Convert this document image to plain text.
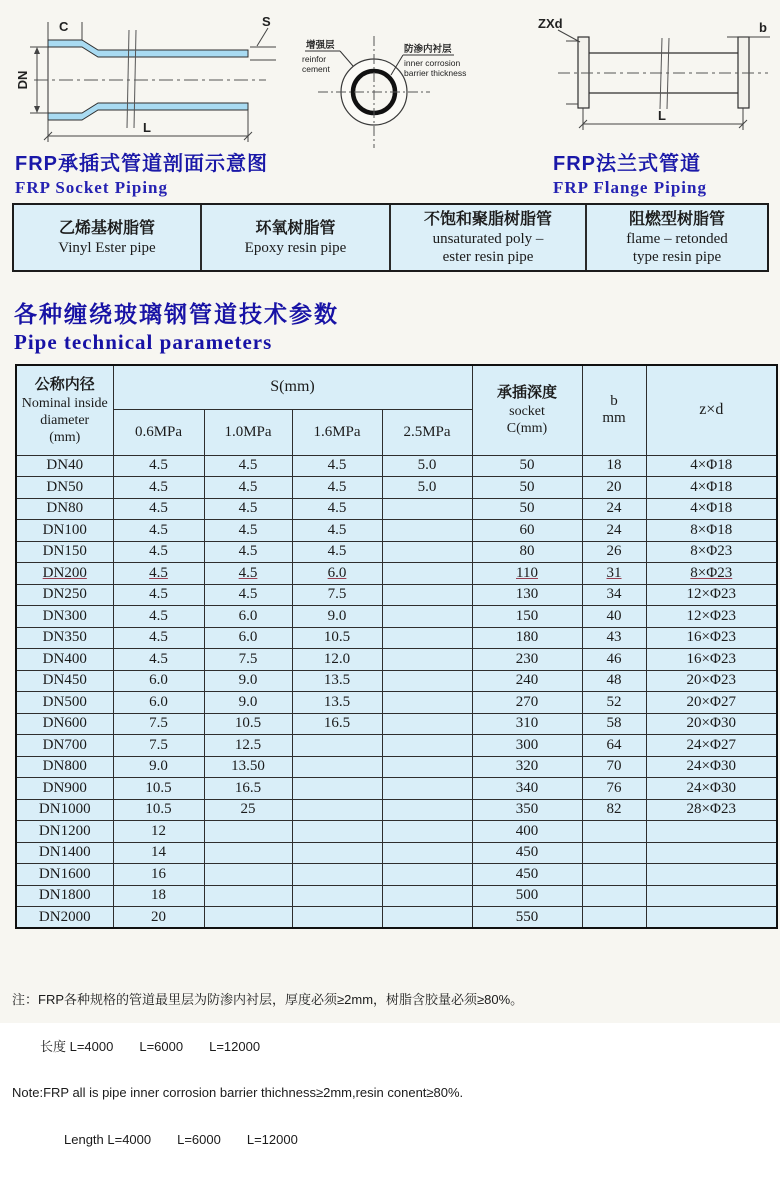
C
DN
S
L
增强层
reinfor
cement
防渗内衬层
inner corrosion
barrier thickness
ZXd	b
L
FRP承插式管道剖面示意图
FRP Socket Piping
FRP法兰式管道
FRP Flange Piping
乙烯基树脂管
Vinyl Ester pipe
环氧树脂管
Epoxy resin pipe
不饱和聚脂树脂管
unsaturated poly –
ester resin pipe
阻燃型树脂管
flame – retonded
type resin pipe
各种缠绕玻璃钢管道技术参数
Pipe technical parameters
公称内径
Nominal inside
diameter
(mm)
	S(mm)	承插深度
socket
C(mm)

b
mm	z×d
	0.6MPa	1.0MPa	1.6MPa	2.5MPa			
DN40	4.5	4.5	4.5	5.0	50	18	4×Φ18
DN50	4.5	4.5	4.5	5.0	50	20	4×Φ18
DN80	4.5	4.5	4.5		50	24	4×Φ18
DN100	4.5	4.5	4.5		60	24	8×Φ18
DN150	4.5	4.5	4.5		80	26	8×Φ23
DN200	4.5	4.5	6.0		110	31	8×Φ23
DN250	4.5	4.5	7.5		130	34	12×Φ23
DN300	4.5	6.0	9.0		150	40	12×Φ23
DN350	4.5	6.0	10.5		180	43	16×Φ23
DN400	4.5	7.5	12.0		230	46	16×Φ23
DN450	6.0	9.0	13.5		240	48	20×Φ23
DN500	6.0	9.0	13.5		270	52	20×Φ27
DN600	7.5	10.5	16.5		310	58	20×Φ30
DN700	7.5	12.5			300	64	24×Φ27
DN800	9.0	13.50			320	70	24×Φ30
DN900	10.5	16.5			340	76	24×Φ30
DN1000	10.5	25			350	82	28×Φ23
DN1200	12				400		
DN1400	14				450		
DN1600	16				450		
DN1800	18				500		
DN2000	20				550		

注：FRP各种规格的管道最里层为防渗内衬层，厚度必须≥2mm，树脂含胶量必须≥80%。

长度 L=4000　　L=6000　　L=12000

Note:FRP all is pipe inner corrosion barrier thichness≥2mm,resin conent≥80%.

Length L=4000　　L=6000　　L=12000
